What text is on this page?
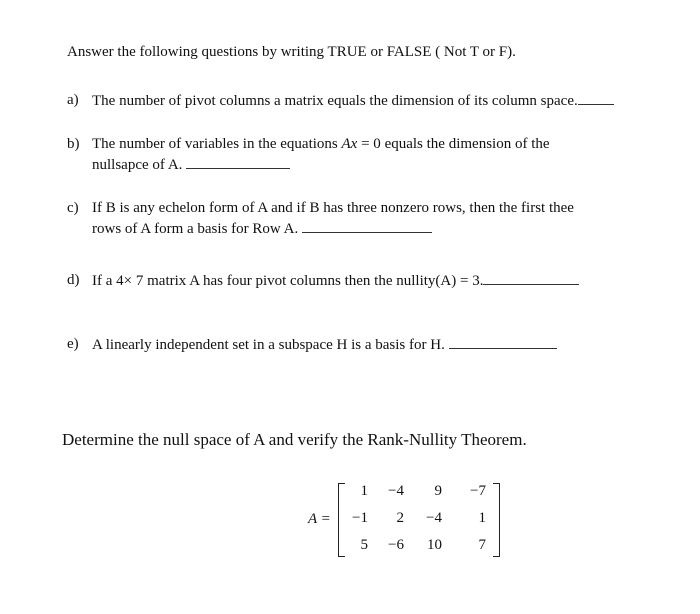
Answer the following questions by writing TRUE or FALSE ( Not T or F).
a) The number of pivot columns a matrix equals the dimension of its column space.
b) The number of variables in the equations Ax = 0 equals the dimension of the
nullsapce of A.
c) If B is any echelon form of A and if B has three nonzero rows, then the first thee
rows of A form a basis for Row A.
d) If a 4× 7 matrix A has four pivot columns then the nullity(A) = 3.
e) A linearly independent set in a subspace H is a basis for H.
Determine the null space of A and verify the Rank-Nullity Theorem.
A =
1	−4	9	−7
−1	2	−4	1
5	−6	10	7
